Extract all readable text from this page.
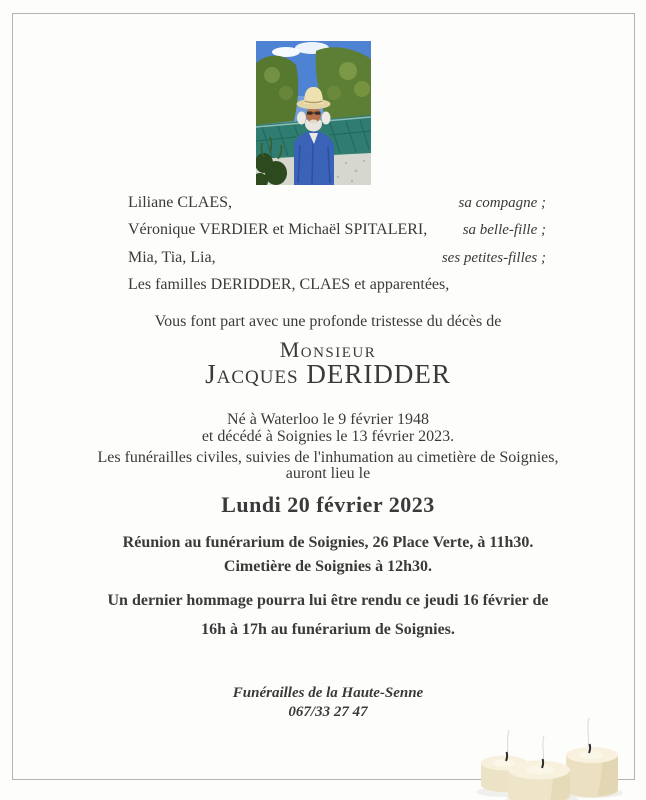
Liliane CLAES,	sa compagne ;
Véronique VERDIER et Michaël SPITALERI, sa belle-fille ;
Mia, Tia, Lia,	ses petites-filles ;
Les familles DERIDDER, CLAES et apparentées,
Vous font part avec une profonde tristesse du décès de
Monsieur
Jacques DERIDDER
Né à Waterloo le 9 février 1948
et décédé à Soignies le 13 février 2023.
Les funérailles civiles, suivies de l'inhumation au cimetière de Soignies,
auront lieu le
Lundi 20 février 2023
Réunion au funérarium de Soignies, 26 Place Verte, à 11h30.
Cimetière de Soignies à 12h30.
Un dernier hommage pourra lui être rendu ce jeudi 16 février de
16h à 17h au funérarium de Soignies.
Funérailles de la Haute-Senne
067/33 27 47
